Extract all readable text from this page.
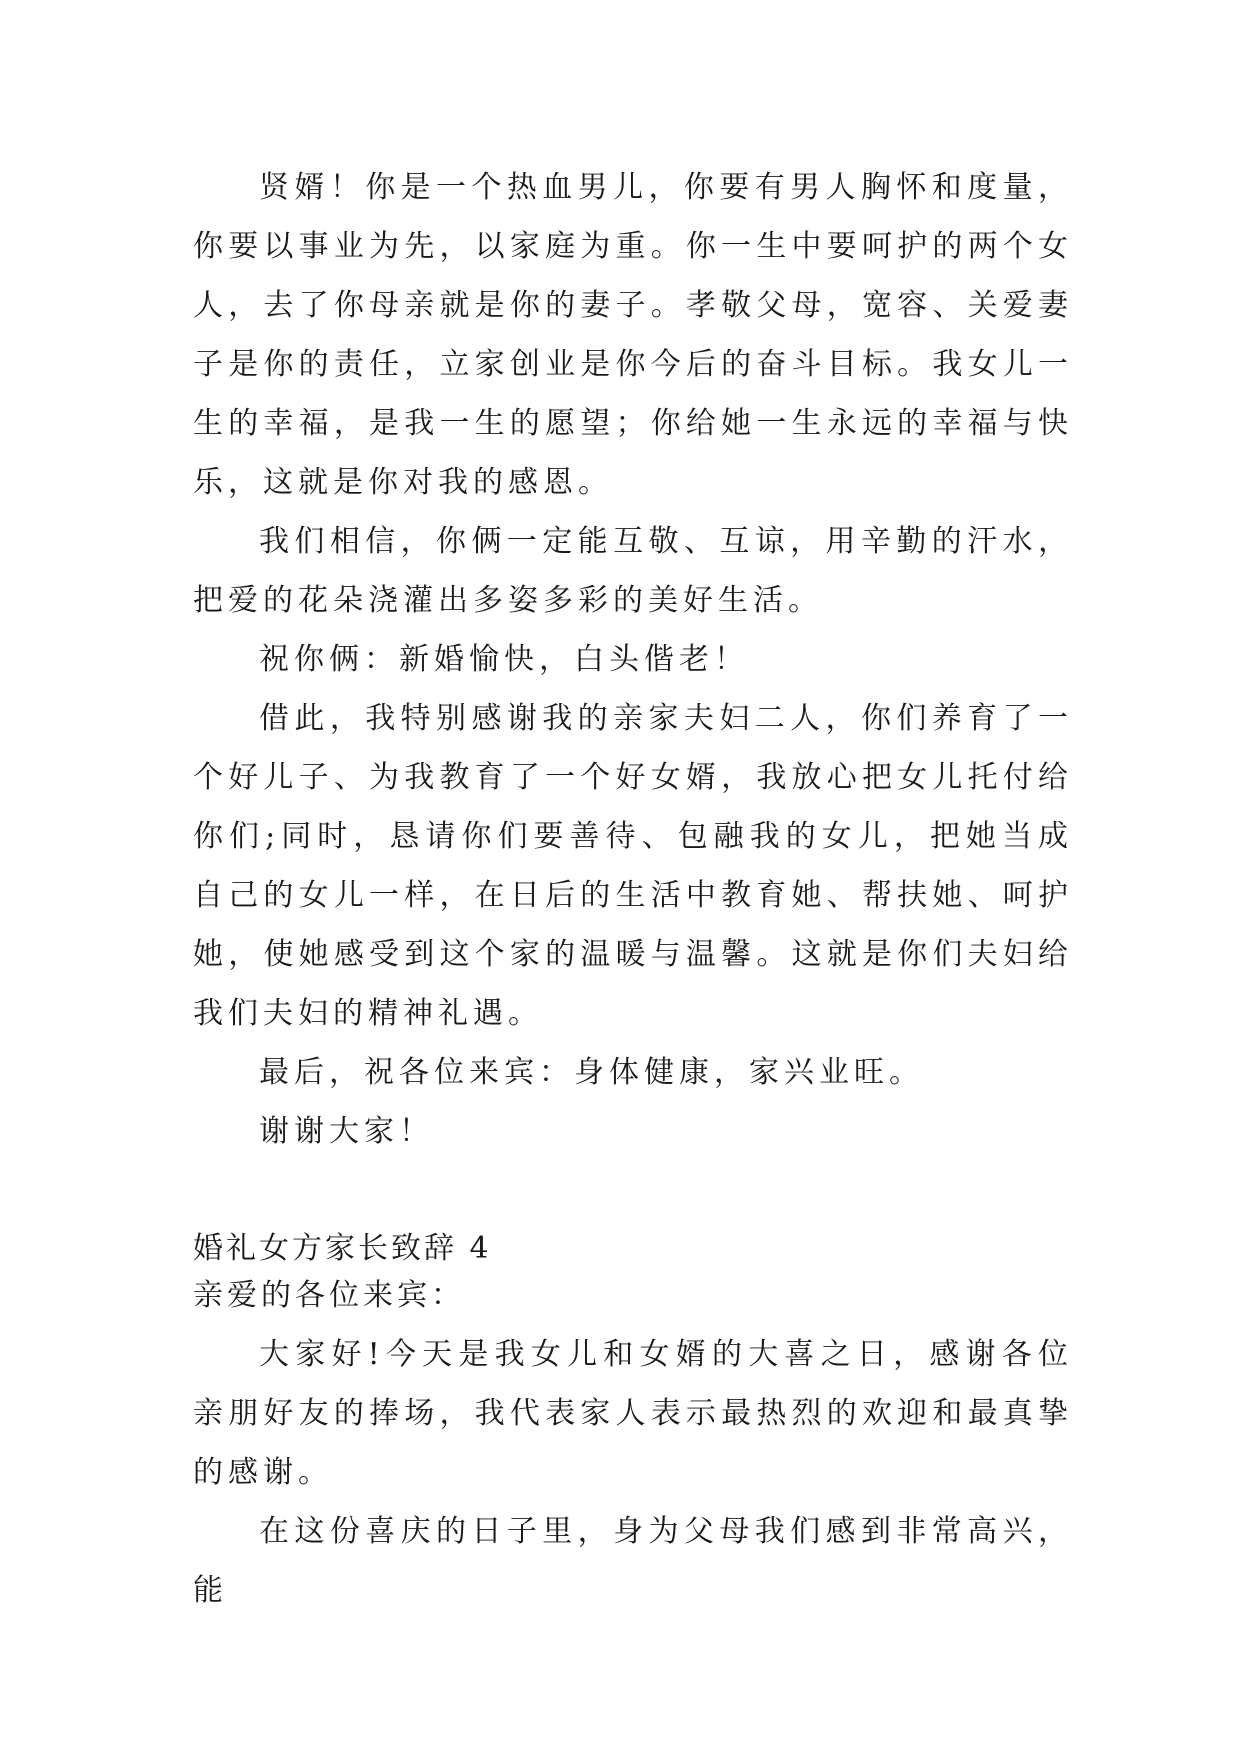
贤婿！你是一个热血男儿，你要有男人胸怀和度量，你要以事业为先，以家庭为重。你一生中要呵护的两个女人，去了你母亲就是你的妻子。孝敬父母，宽容、关爱妻子是你的责任，立家创业是你今后的奋斗目标。我女儿一生的幸福，是我一生的愿望；你给她一生永远的幸福与快乐，这就是你对我的感恩。

我们相信，你俩一定能互敬、互谅，用辛勤的汗水，把爱的花朵浇灌出多姿多彩的美好生活。

祝你俩：新婚愉快，白头偕老！

借此，我特别感谢我的亲家夫妇二人，你们养育了一个好儿子、为我教育了一个好女婿，我放心把女儿托付给你们;同时，恳请你们要善待、包融我的女儿，把她当成自己的女儿一样，在日后的生活中教育她、帮扶她、呵护她，使她感受到这个家的温暖与温馨。这就是你们夫妇给我们夫妇的精神礼遇。

最后，祝各位来宾：身体健康，家兴业旺。

谢谢大家！

婚礼女方家长致辞 4

亲爱的各位来宾：

大家好!今天是我女儿和女婿的大喜之日，感谢各位亲朋好友的捧场，我代表家人表示最热烈的欢迎和最真挚的感谢。

在这份喜庆的日子里，身为父母我们感到非常高兴，能
